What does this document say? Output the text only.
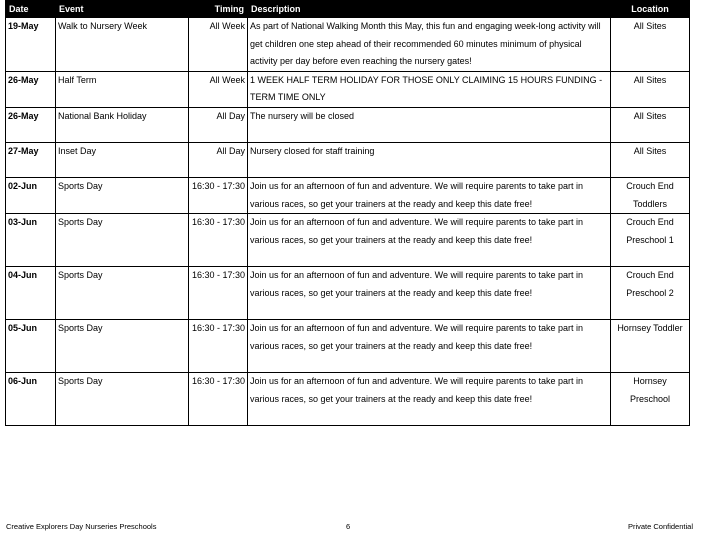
Date	Event	Timing	Description	Location
19-May	Walk to Nursery Week	All Week	As part of National Walking Month this May, this fun and engaging week-long activity will get children one step ahead of their recommended 60 minutes minimum of physical activity per day before even reaching the nursery gates!	All Sites
26-May	Half Term	All Week	1 WEEK HALF TERM HOLIDAY FOR THOSE ONLY CLAIMING 15 HOURS FUNDING - TERM TIME ONLY	All Sites
26-May	National Bank Holiday	All Day	The nursery will be closed	All Sites
27-May	Inset Day	All Day	Nursery closed for staff training	All Sites
02-Jun	Sports Day	16:30 - 17:30	Join us for an afternoon of fun and adventure. We will require parents to take part in various races, so get your trainers at the ready and keep this date free!	Crouch End Toddlers
03-Jun	Sports Day	16:30 - 17:30	Join us for an afternoon of fun and adventure. We will require parents to take part in various races, so get your trainers at the ready and keep this date free!	Crouch End Preschool 1
04-Jun	Sports Day	16:30 - 17:30	Join us for an afternoon of fun and adventure. We will require parents to take part in various races, so get your trainers at the ready and keep this date free!	Crouch End Preschool 2
05-Jun	Sports Day	16:30 - 17:30	Join us for an afternoon of fun and adventure. We will require parents to take part in various races, so get your trainers at the ready and keep this date free!	Hornsey Toddler
06-Jun	Sports Day	16:30 - 17:30	Join us for an afternoon of fun and adventure. We will require parents to take part in various races, so get your trainers at the ready and keep this date free!	Hornsey Preschool
Creative Explorers Day Nurseries Preschools	6	Private Confidential
